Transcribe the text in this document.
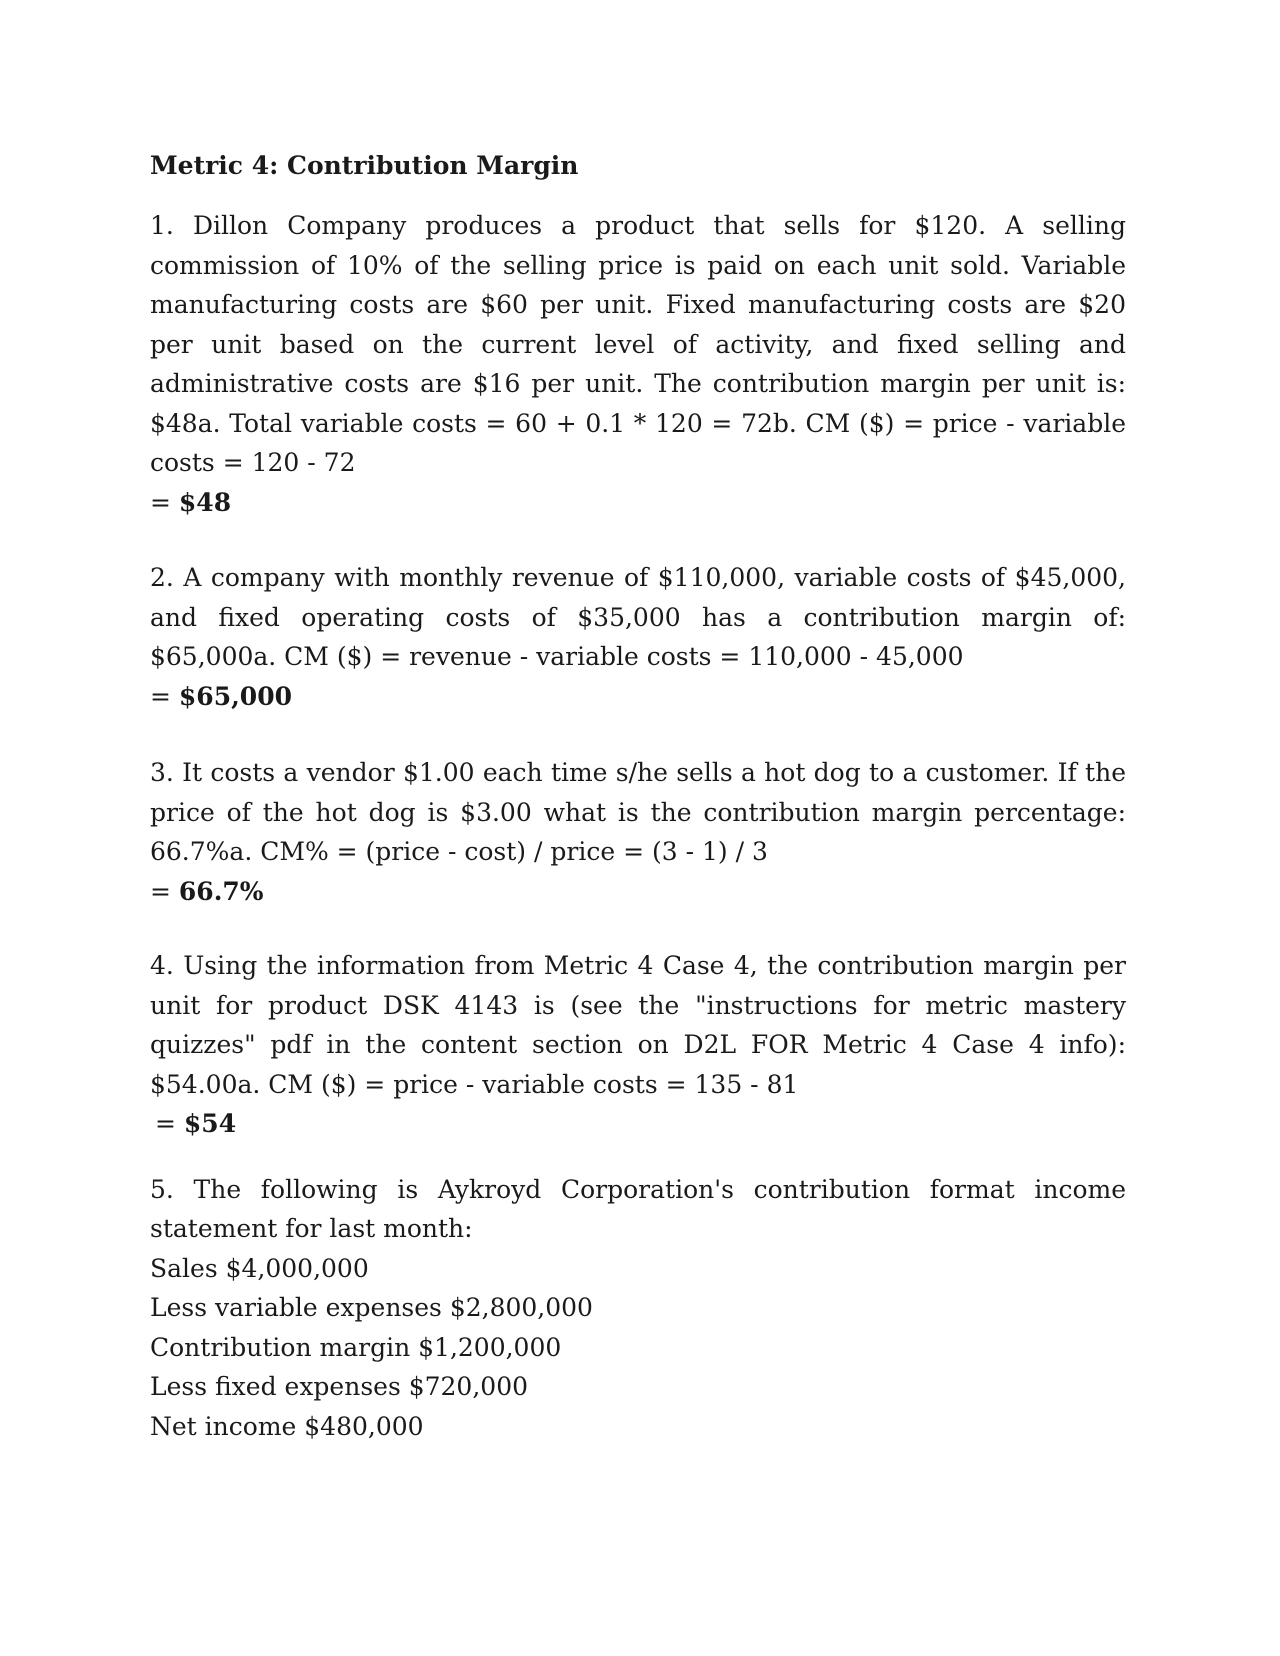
Metric 4: Contribution Margin

1. Dillon Company produces a product that sells for $120. A selling commission of 10% of the selling price is paid on each unit sold. Variable manufacturing costs are $60 per unit. Fixed manufacturing costs are $20 per unit based on the current level of activity, and fixed selling and administrative costs are $16 per unit. The contribution margin per unit is: $48a. Total variable costs = 60 + 0.1 * 120 = 72b. CM ($) = price - variable costs = 120 - 72

= $48

2. A company with monthly revenue of $110,000, variable costs of $45,000, and fixed operating costs of $35,000 has a contribution margin of: $65,000a. CM ($) = revenue - variable costs = 110,000 - 45,000

= $65,000

3. It costs a vendor $1.00 each time s/he sells a hot dog to a customer. If the price of the hot dog is $3.00 what is the contribution margin percentage: 66.7%a. CM% = (price - cost) / price = (3 - 1) / 3

= 66.7%

4. Using the information from Metric 4 Case 4, the contribution margin per unit for product DSK 4143 is (see the "instructions for metric mastery quizzes" pdf in the content section on D2L FOR Metric 4 Case 4 info): $54.00a. CM ($) = price - variable costs = 135 - 81

= $54

5. The following is Aykroyd Corporation's contribution format income statement for last month:

Sales $4,000,000

Less variable expenses $2,800,000

Contribution margin $1,200,000

Less fixed expenses $720,000

Net income $480,000
